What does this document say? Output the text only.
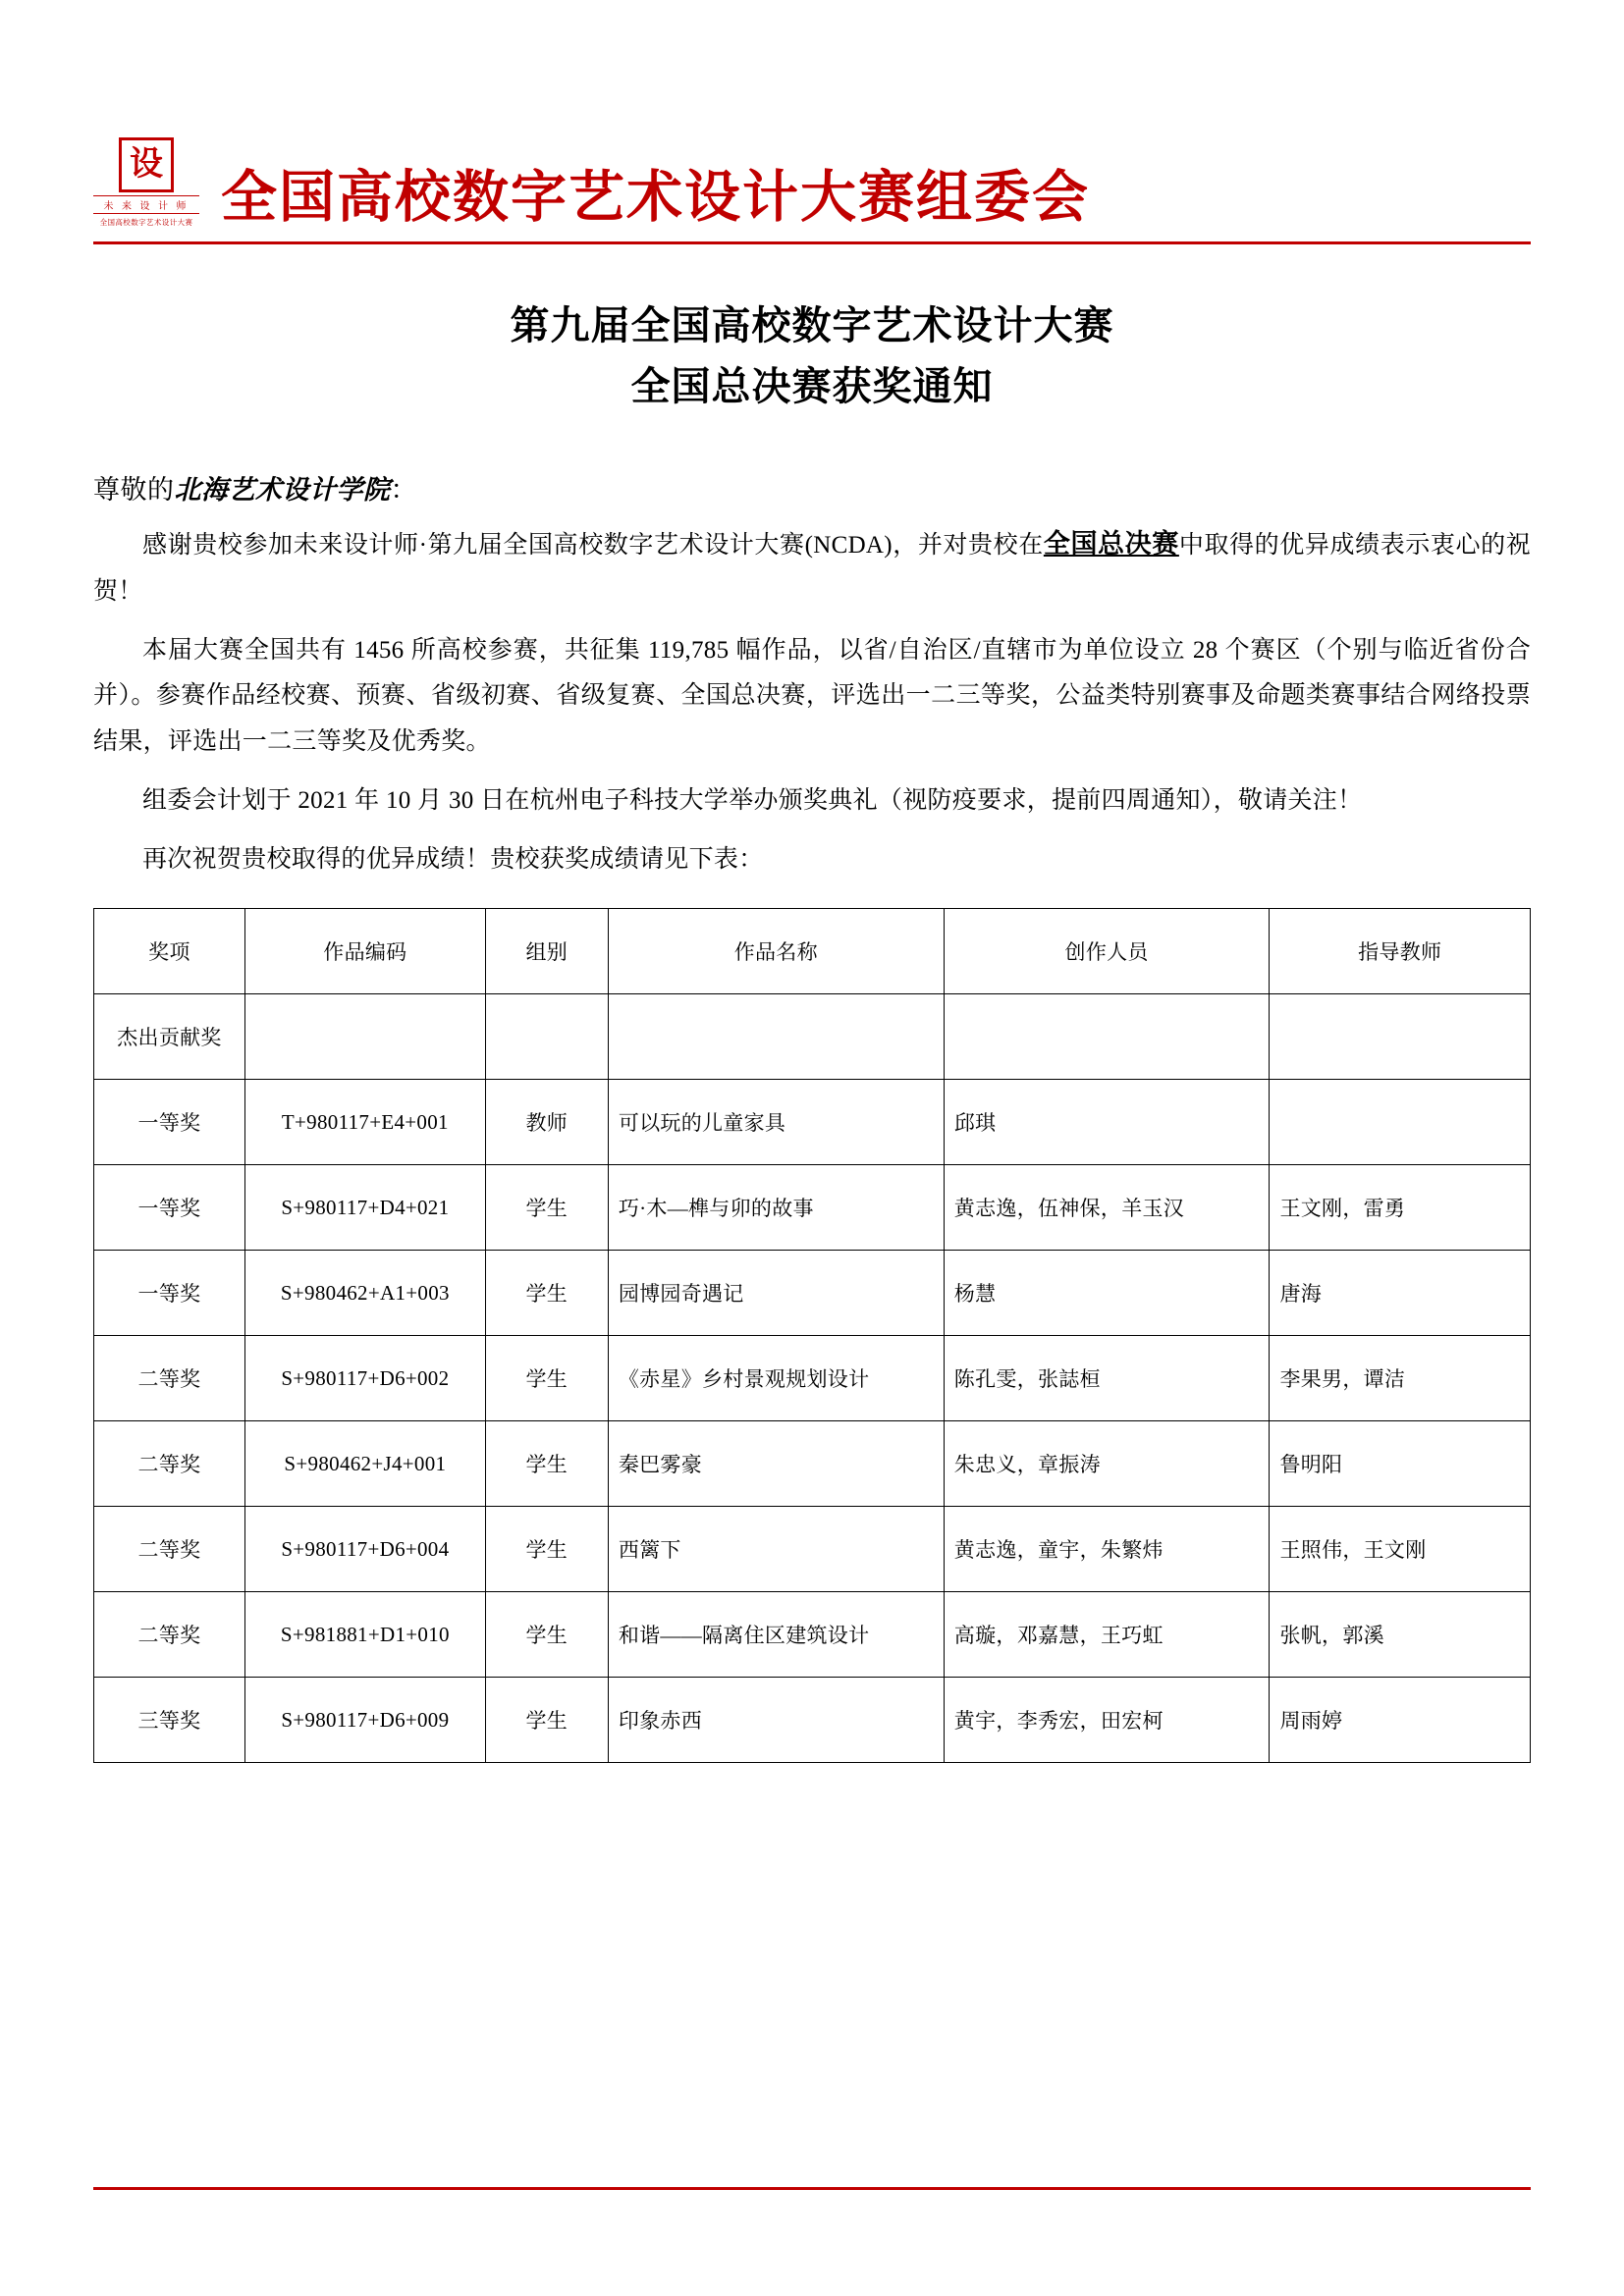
设
未 来 设 计 师
全国高校数字艺术设计大赛 全国高校数字艺术设计大赛组委会
第九届全国高校数字艺术设计大赛
全国总决赛获奖通知
尊敬的北海艺术设计学院：

感谢贵校参加未来设计师·第九届全国高校数字艺术设计大赛(NCDA)，并对贵校在全国总决赛中取得的优异成绩表示衷心的祝贺！

本届大赛全国共有 1456 所高校参赛，共征集 119,785 幅作品，以省/自治区/直辖市为单位设立 28 个赛区（个别与临近省份合并）。参赛作品经校赛、预赛、省级初赛、省级复赛、全国总决赛，评选出一二三等奖，公益类特别赛事及命题类赛事结合网络投票结果，评选出一二三等奖及优秀奖。

组委会计划于 2021 年 10 月 30 日在杭州电子科技大学举办颁奖典礼（视防疫要求，提前四周通知），敬请关注！

再次祝贺贵校取得的优异成绩！贵校获奖成绩请见下表：

奖项	作品编码	组别	作品名称	创作人员	指导教师
杰出贡献奖					
一等奖	T+980117+E4+001	教师	可以玩的儿童家具	邱琪	
一等奖	S+980117+D4+021	学生	巧·木—榫与卯的故事	黄志逸，伍神保，羊玉汉	王文刚，雷勇
一等奖	S+980462+A1+003	学生	园博园奇遇记	杨慧	唐海
二等奖	S+980117+D6+002	学生	《赤星》乡村景观规划设计	陈孔雯，张誌桓	李果男，谭洁
二等奖	S+980462+J4+001	学生	秦巴雾豪	朱忠义，章振涛	鲁明阳
二等奖	S+980117+D6+004	学生	西篱下	黄志逸，童宇，朱繁炜	王照伟，王文刚
二等奖	S+981881+D1+010	学生	和谐——隔离住区建筑设计	高璇，邓嘉慧，王巧虹	张帆，郭溪
三等奖	S+980117+D6+009	学生	印象赤西	黄宇，李秀宏，田宏柯	周雨婷
